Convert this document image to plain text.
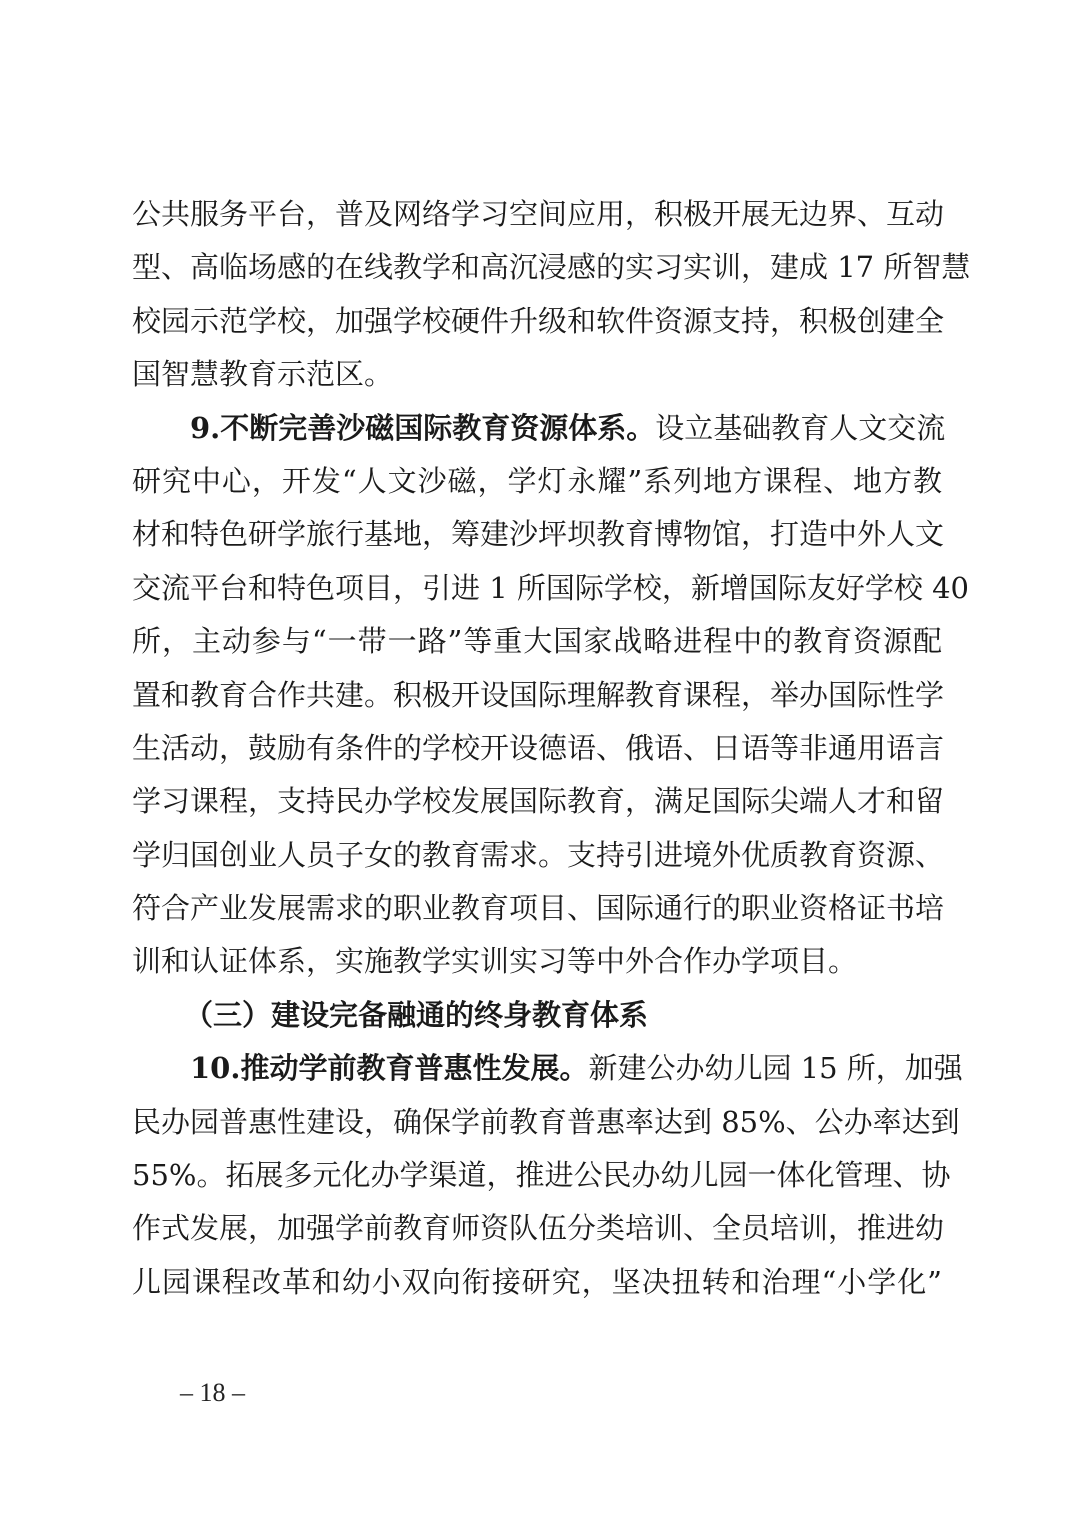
公共服务平台，普及网络学习空间应用，积极开展无边界、互动
型、高临场感的在线教学和高沉浸感的实习实训，建成 17 所智慧
校园示范学校，加强学校硬件升级和软件资源支持，积极创建全
国智慧教育示范区。
9.不断完善沙磁国际教育资源体系。设立基础教育人文交流
研究中心，开发“人文沙磁，学灯永耀”系列地方课程、地方教
材和特色研学旅行基地，筹建沙坪坝教育博物馆，打造中外人文
交流平台和特色项目，引进 1 所国际学校，新增国际友好学校 40
所，主动参与“一带一路”等重大国家战略进程中的教育资源配
置和教育合作共建。积极开设国际理解教育课程，举办国际性学
生活动，鼓励有条件的学校开设德语、俄语、日语等非通用语言
学习课程，支持民办学校发展国际教育，满足国际尖端人才和留
学归国创业人员子女的教育需求。支持引进境外优质教育资源、
符合产业发展需求的职业教育项目、国际通行的职业资格证书培
训和认证体系，实施教学实训实习等中外合作办学项目。
（三）建设完备融通的终身教育体系
10.推动学前教育普惠性发展。新建公办幼儿园 15 所，加强
民办园普惠性建设，确保学前教育普惠率达到 85%、公办率达到
55%。拓展多元化办学渠道，推进公民办幼儿园一体化管理、协
作式发展，加强学前教育师资队伍分类培训、全员培训，推进幼
儿园课程改革和幼小双向衔接研究，坚决扭转和治理“小学化”
– 18 –
